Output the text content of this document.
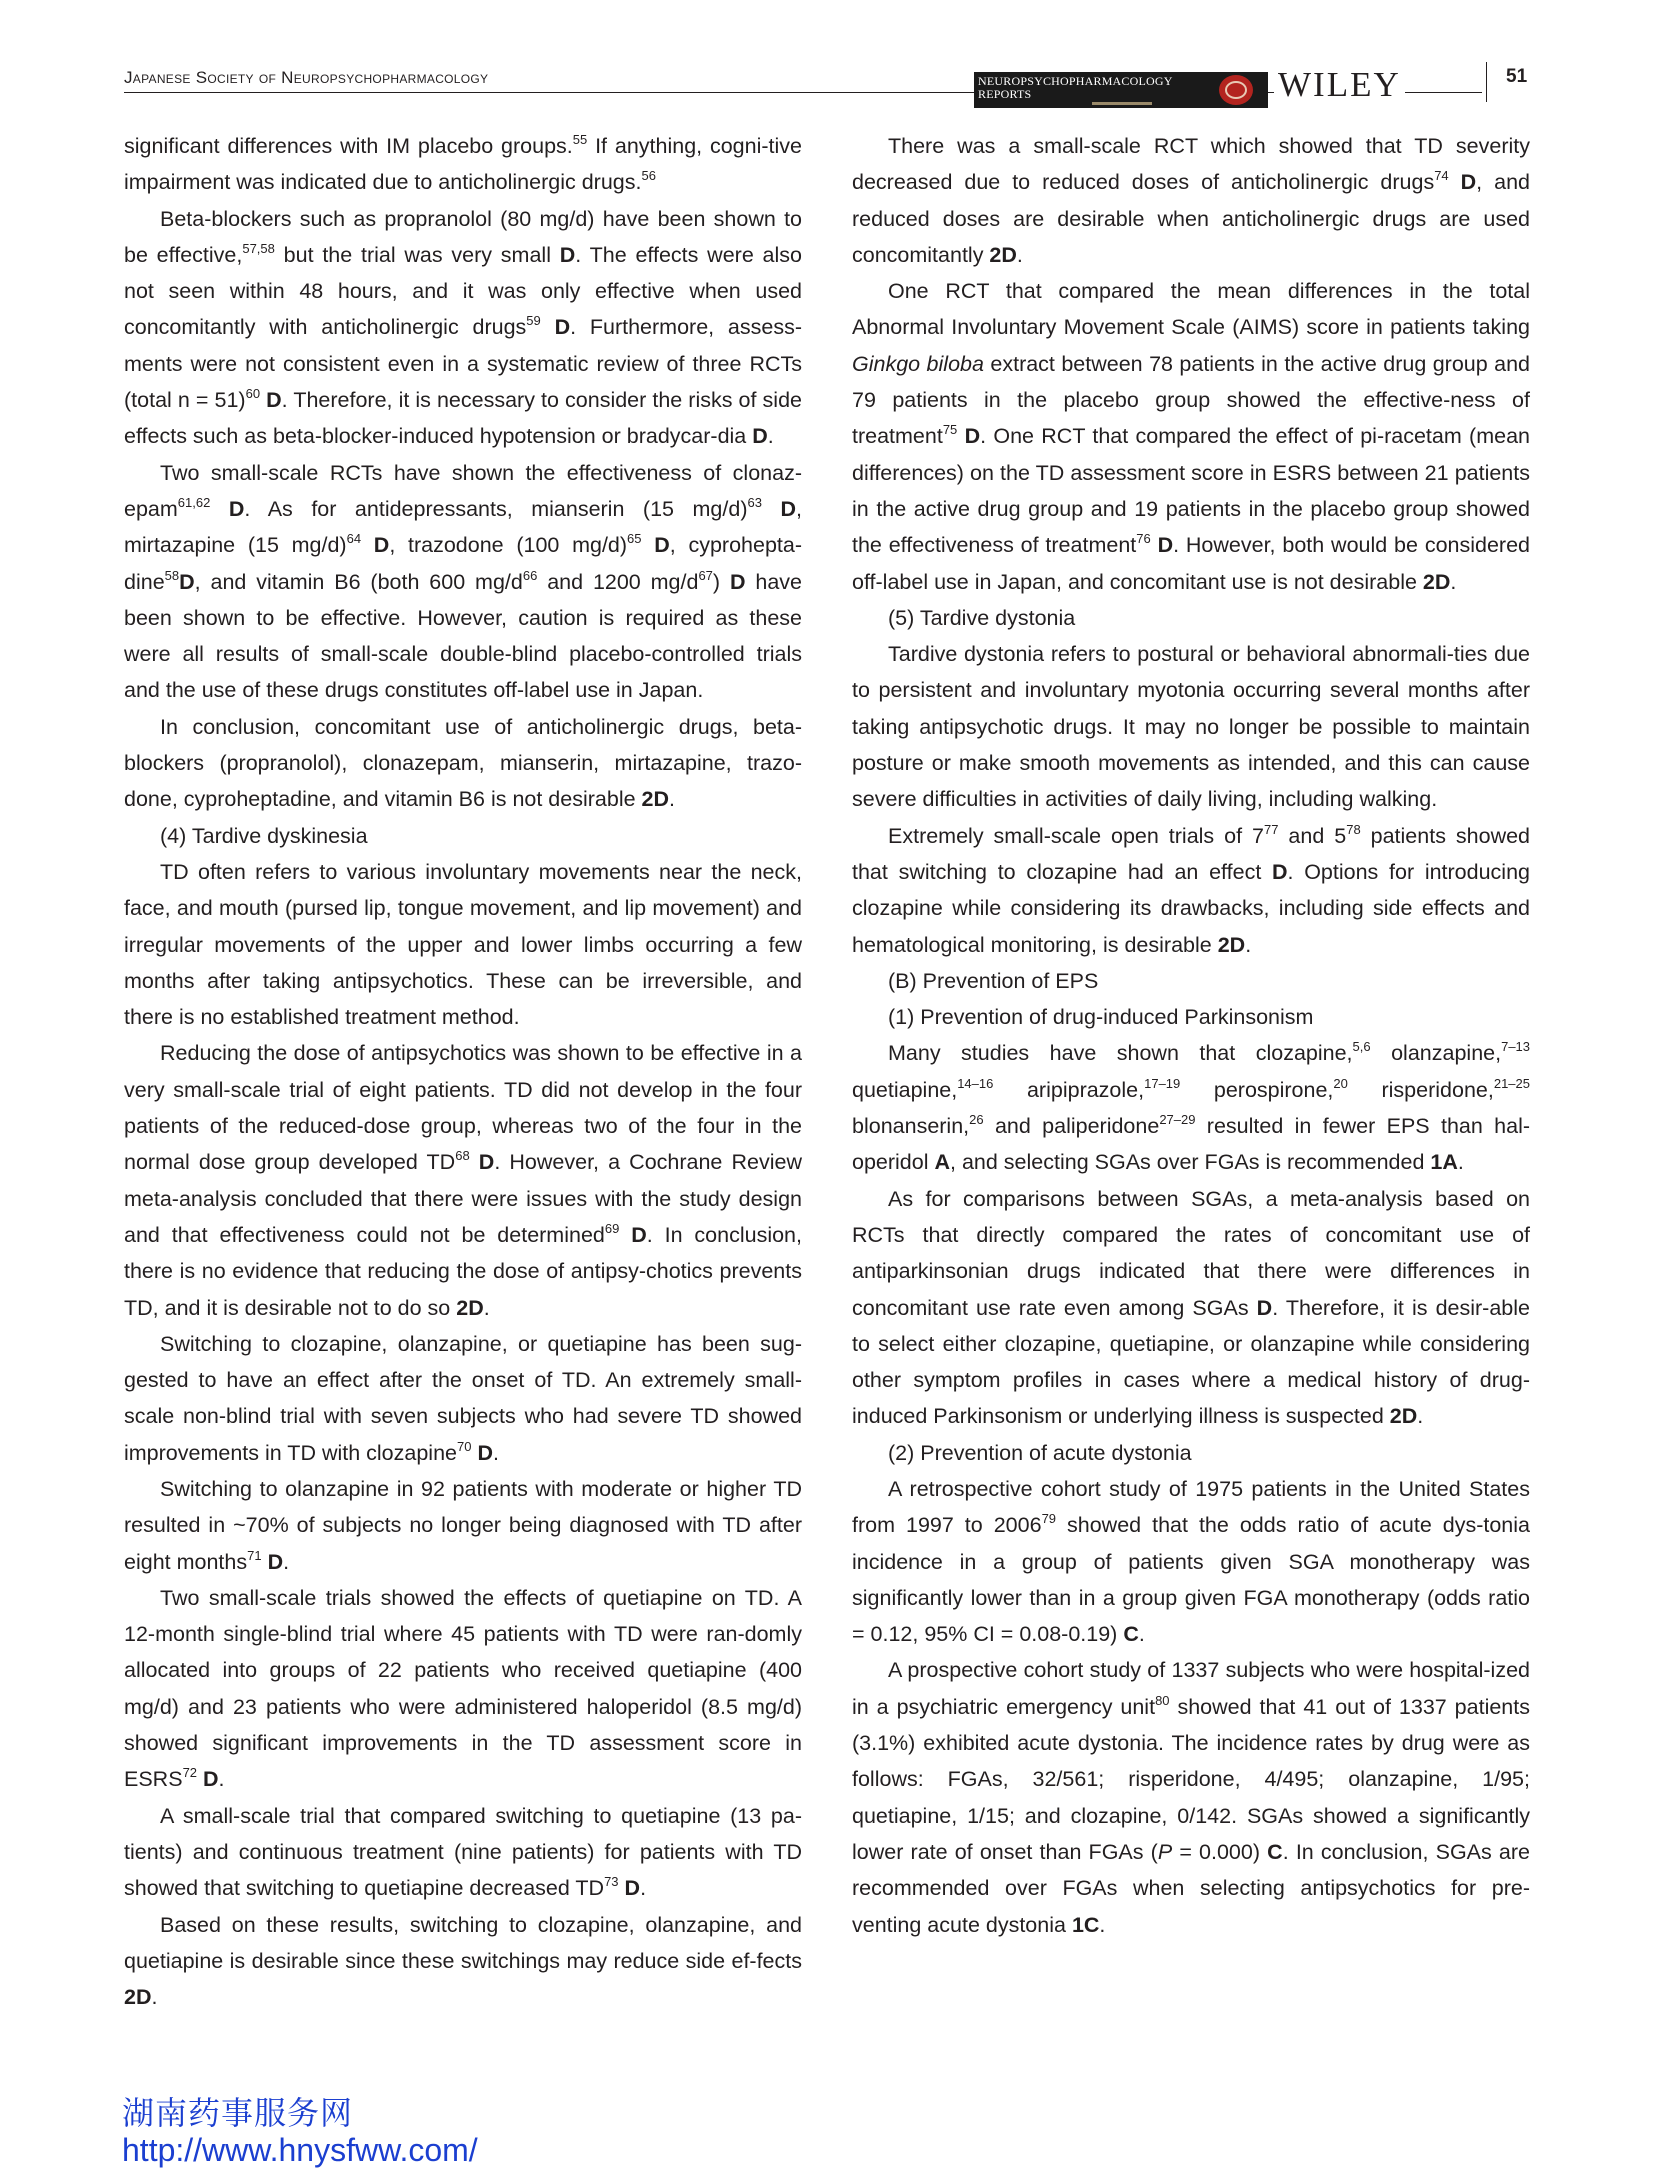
Japanese Society of Neuropsychopharmacology	NEUROPSYCHOPHARMACOLOGY
REPORTS	WILEY	51

significant differences with IM placebo groups.$^{55}$ If anything, cogni-tive impairment was indicated due to anticholinergic drugs.$^{56}$

Beta-blockers such as propranolol (80 mg/d) have been shown to be effective,$^{57,58}$ but the trial was very small D. The effects were also not seen within 48 hours, and it was only effective when used concomitantly with anticholinergic drugs$^{59}$ D. Furthermore, assess-ments were not consistent even in a systematic review of three RCTs (total n = 51)$^{60}$ D. Therefore, it is necessary to consider the risks of side effects such as beta-blocker-induced hypotension or bradycar-dia D.

Two small-scale RCTs have shown the effectiveness of clonaz-epam$^{61,62}$ D. As for antidepressants, mianserin (15 mg/d)$^{63}$ D, mirtazapine (15 mg/d)$^{64}$ D, trazodone (100 mg/d)$^{65}$ D, cyprohepta-dine$^{58}$D, and vitamin B6 (both 600 $mg/d^{66}$ and 1200 $mg/d^{67}$) D have been shown to be effective. However, caution is required as these were all results of small-scale double-blind placebo-controlled trials and the use of these drugs constitutes off-label use in Japan.

In conclusion, concomitant use of anticholinergic drugs, beta-blockers (propranolol), clonazepam, mianserin, mirtazapine, trazo-done, cyproheptadine, and vitamin B6 is not desirable 2D.

(4) Tardive dyskinesia

TD often refers to various involuntary movements near the neck, face, and mouth (pursed lip, tongue movement, and lip movement) and irregular movements of the upper and lower limbs occurring a few months after taking antipsychotics. These can be irreversible, and there is no established treatment method.

Reducing the dose of antipsychotics was shown to be effective in a very small-scale trial of eight patients. TD did not develop in the four patients of the reduced-dose group, whereas two of the four in the normal dose group developed TD$^{68}$ D. However, a Cochrane Review meta-analysis concluded that there were issues with the study design and that effectiveness could not be determined$^{69}$ D. In conclusion, there is no evidence that reducing the dose of antipsy-chotics prevents TD, and it is desirable not to do so 2D.

Switching to clozapine, olanzapine, or quetiapine has been sug-gested to have an effect after the onset of TD. An extremely small-scale non-blind trial with seven subjects who had severe TD showed improvements in TD with clozapine$^{70}$ D.

Switching to olanzapine in 92 patients with moderate or higher TD resulted in ~70% of subjects no longer being diagnosed with TD after eight months$^{71}$ D.

Two small-scale trials showed the effects of quetiapine on TD. A 12-month single-blind trial where 45 patients with TD were ran-domly allocated into groups of 22 patients who received quetiapine (400 mg/d) and 23 patients who were administered haloperidol (8.5 mg/d) showed significant improvements in the TD assessment score in ESRS$^{72}$ D.

A small-scale trial that compared switching to quetiapine (13 pa-tients) and continuous treatment (nine patients) for patients with TD showed that switching to quetiapine decreased TD$^{73}$ D.

Based on these results, switching to clozapine, olanzapine, and quetiapine is desirable since these switchings may reduce side ef-fects 2D.

There was a small-scale RCT which showed that TD severity decreased due to reduced doses of anticholinergic drugs$^{74}$ D, and reduced doses are desirable when anticholinergic drugs are used concomitantly 2D.

One RCT that compared the mean differences in the total Abnormal Involuntary Movement Scale (AIMS) score in patients taking Ginkgo biloba extract between 78 patients in the active drug group and 79 patients in the placebo group showed the effective-ness of treatment$^{75}$ D. One RCT that compared the effect of pi-racetam (mean differences) on the TD assessment score in ESRS between 21 patients in the active drug group and 19 patients in the placebo group showed the effectiveness of treatment$^{76}$ D. However, both would be considered off-label use in Japan, and concomitant use is not desirable 2D.

(5) Tardive dystonia

Tardive dystonia refers to postural or behavioral abnormali-ties due to persistent and involuntary myotonia occurring several months after taking antipsychotic drugs. It may no longer be possible to maintain posture or make smooth movements as intended, and this can cause severe difficulties in activities of daily living, including walking.

Extremely small-scale open trials of $7^{77}$ and $5^{78}$ patients showed that switching to clozapine had an effect D. Options for introducing clozapine while considering its drawbacks, including side effects and hematological monitoring, is desirable 2D.

(B) Prevention of EPS

(1) Prevention of drug-induced Parkinsonism

Many studies have shown that clozapine,$^{5,6}$ olanzapine,$^{7-13}$ quetiapine,$^{14-16}$ aripiprazole,$^{17-19}$ perospirone,$^{20}$ risperidone,$^{21-25}$ blonanserin,$^{26}$ and paliperidone$^{27-29}$ resulted in fewer EPS than hal-operidol A, and selecting SGAs over FGAs is recommended 1A.

As for comparisons between SGAs, a meta-analysis based on RCTs that directly compared the rates of concomitant use of antiparkinsonian drugs indicated that there were differences in concomitant use rate even among SGAs D. Therefore, it is desir-able to select either clozapine, quetiapine, or olanzapine while considering other symptom profiles in cases where a medical history of drug-induced Parkinsonism or underlying illness is suspected 2D.

(2) Prevention of acute dystonia

A retrospective cohort study of 1975 patients in the United States from 1997 to 2006$^{79}$ showed that the odds ratio of acute dys-tonia incidence in a group of patients given SGA monotherapy was significantly lower than in a group given FGA monotherapy (odds ratio = 0.12, 95% CI = 0.08-0.19) C.

A prospective cohort study of 1337 subjects who were hospital-ized in a psychiatric emergency unit$^{80}$ showed that 41 out of 1337 patients (3.1%) exhibited acute dystonia. The incidence rates by drug were as follows: FGAs, 32/561; risperidone, 4/495; olanzapine, 1/95; quetiapine, 1/15; and clozapine, 0/142. SGAs showed a significantly lower rate of onset than FGAs (P = 0.000) C. In conclusion, SGAs are recommended over FGAs when selecting antipsychotics for pre-venting acute dystonia 1C.

湖南药事服务网
http://www.hnysfww.com/
